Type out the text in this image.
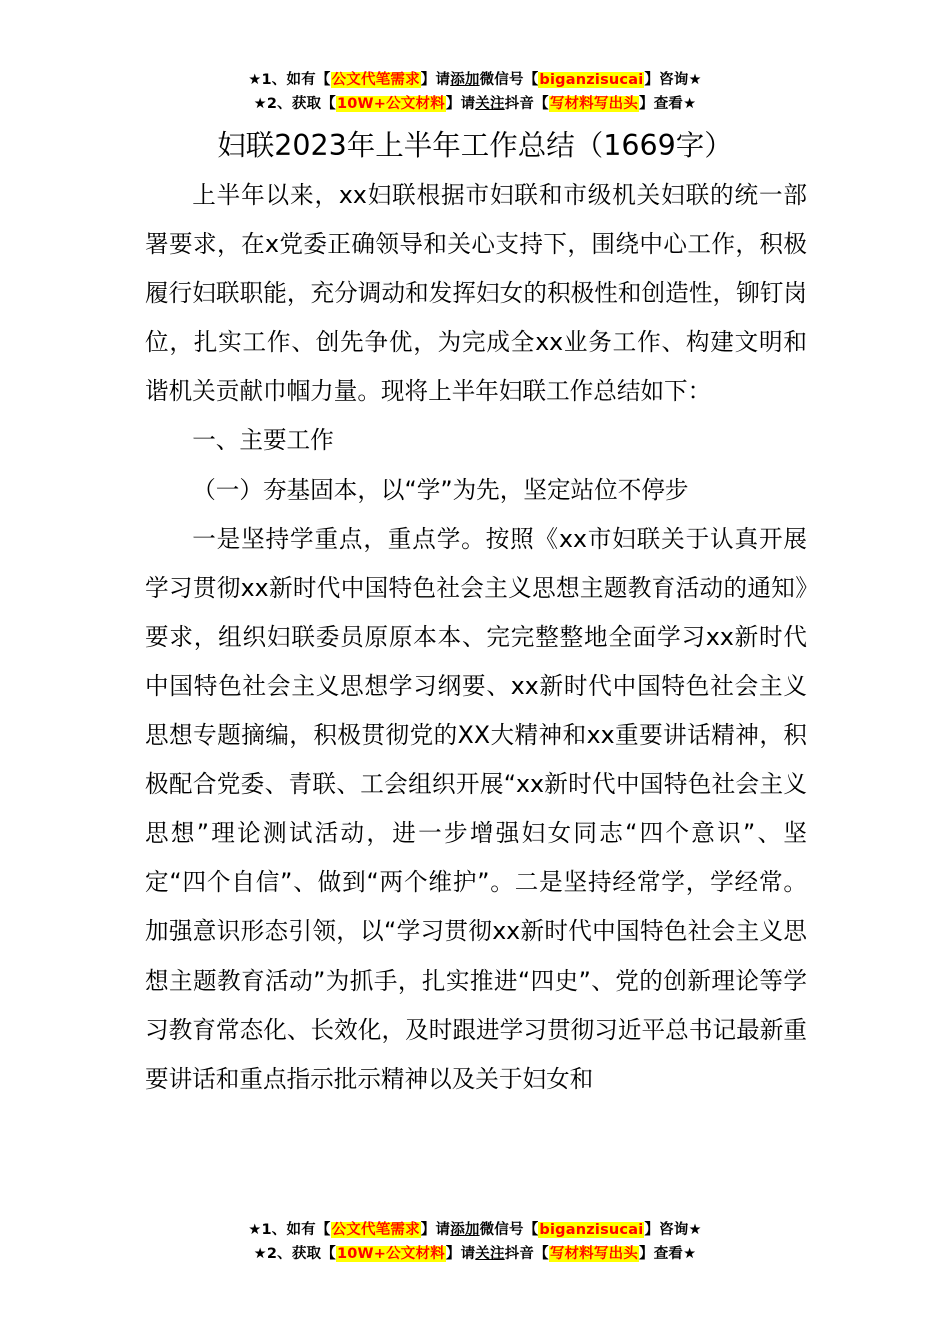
★1、如有【公文代笔需求】请添加微信号【biganzisucai】咨询★
★2、获取【10W+公文材料】请关注抖音【写材料写出头】查看★
妇联2023年上半年工作总结（1669字）

上半年以来，xx妇联根据市妇联和市级机关妇联的统一部署要求，在x党委正确领导和关心支持下，围绕中心工作，积极履行妇联职能，充分调动和发挥妇女的积极性和创造性，铆钉岗位，扎实工作、创先争优，为完成全xx业务工作、构建文明和谐机关贡献巾帼力量。现将上半年妇联工作总结如下：

一、主要工作

（一）夯基固本，以“学”为先，坚定站位不停步

一是坚持学重点，重点学。按照《xx市妇联关于认真开展学习贯彻xx新时代中国特色社会主义思想主题教育活动的通知》要求，组织妇联委员原原本本、完完整整地全面学习xx新时代中国特色社会主义思想学习纲要、xx新时代中国特色社会主义思想专题摘编，积极贯彻党的XX大精神和xx重要讲话精神，积极配合党委、青联、工会组织开展“xx新时代中国特色社会主义思想”理论测试活动，进一步增强妇女同志“四个意识”、坚定“四个自信”、做到“两个维护”。二是坚持经常学，学经常。加强意识形态引领，以“学习贯彻xx新时代中国特色社会主义思想主题教育活动”为抓手，扎实推进“四史”、党的创新理论等学习教育常态化、长效化，及时跟进学习贯彻习近平总书记最新重要讲话和重点指示批示精神以及关于妇女和

★1、如有【公文代笔需求】请添加微信号【biganzisucai】咨询★
★2、获取【10W+公文材料】请关注抖音【写材料写出头】查看★
